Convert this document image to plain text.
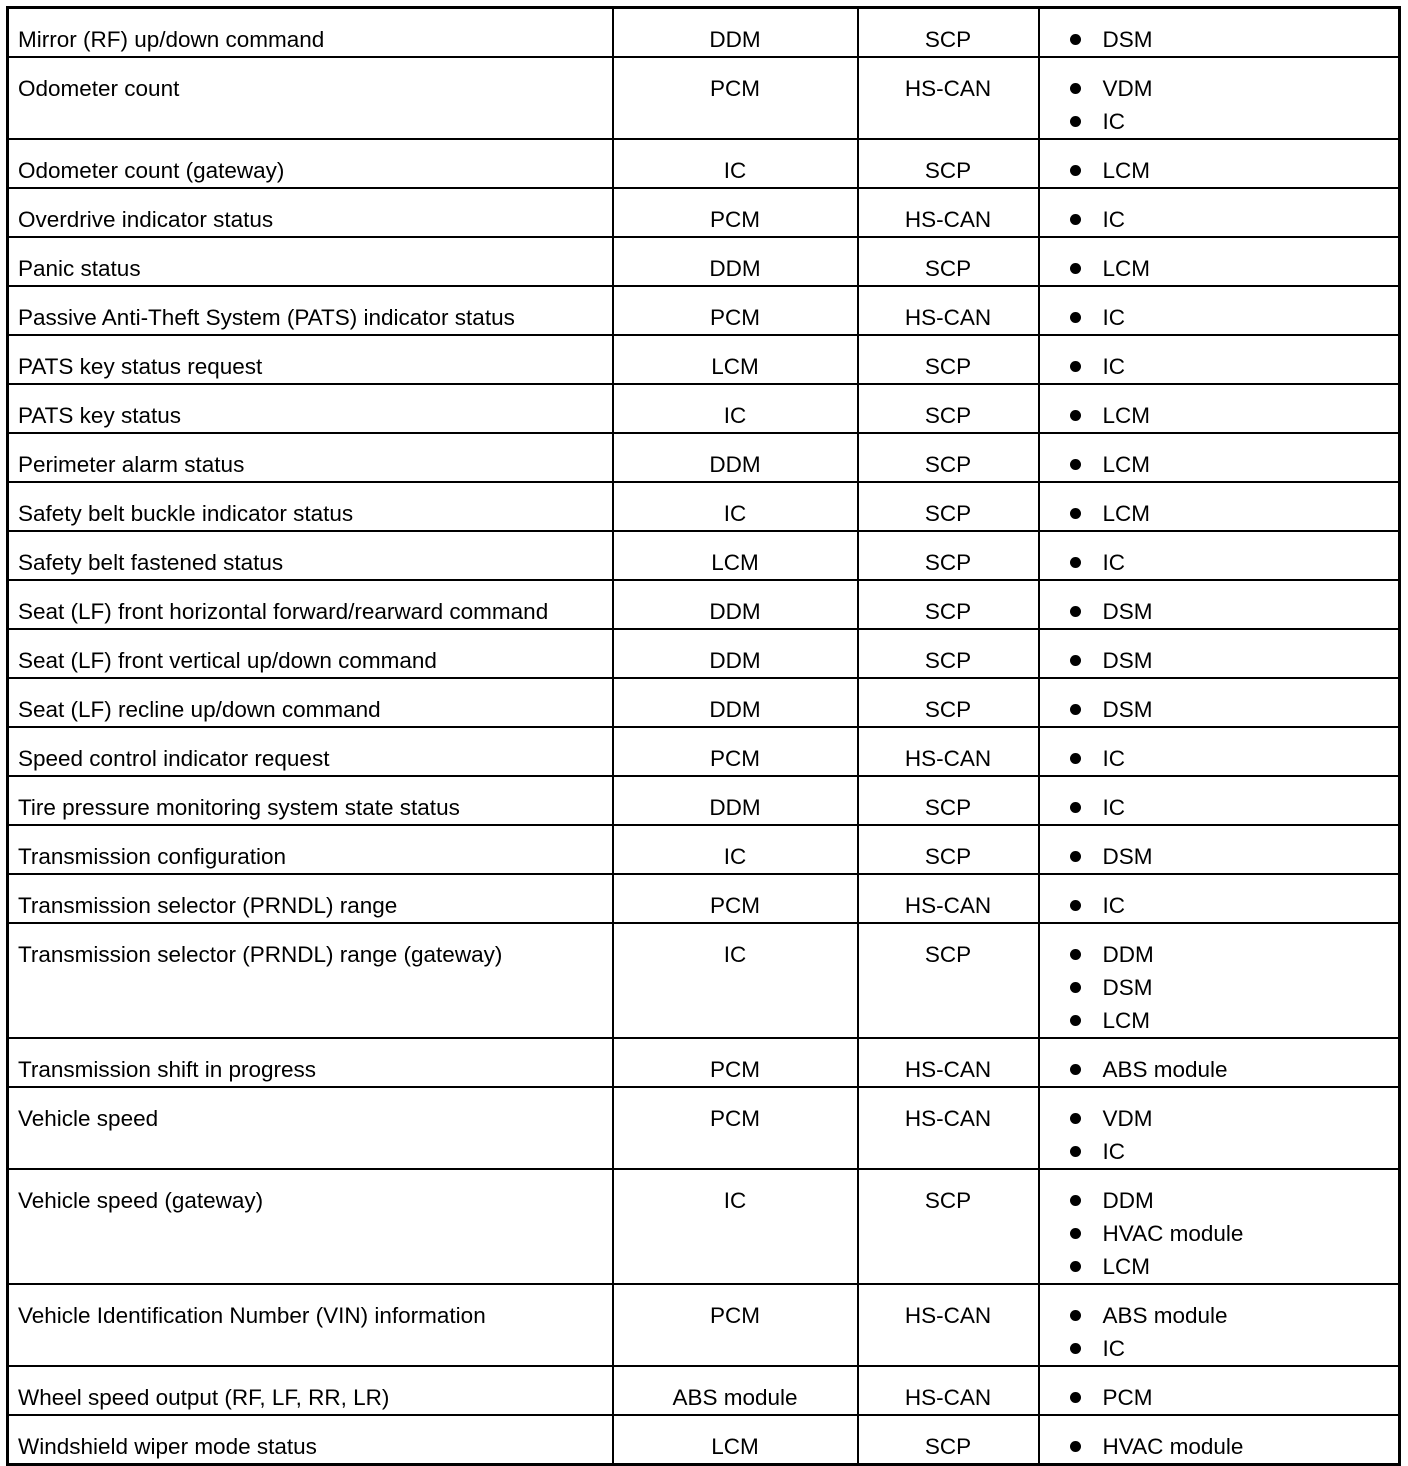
Mirror (RF) up/down command	DDM	SCP	DSM

Odometer count	PCM	HS-CAN	VDM
IC

Odometer count (gateway)	IC	SCP	LCM

Overdrive indicator status	PCM	HS-CAN	IC

Panic status	DDM	SCP	LCM

Passive Anti-Theft System (PATS) indicator status	PCM	HS-CAN	IC

PATS key status request	LCM	SCP	IC

PATS key status	IC	SCP	LCM

Perimeter alarm status	DDM	SCP	LCM

Safety belt buckle indicator status	IC	SCP	LCM

Safety belt fastened status	LCM	SCP	IC

Seat (LF) front horizontal forward/rearward command	DDM	SCP	DSM

Seat (LF) front vertical up/down command	DDM	SCP	DSM

Seat (LF) recline up/down command	DDM	SCP	DSM

Speed control indicator request	PCM	HS-CAN	IC

Tire pressure monitoring system state status	DDM	SCP	IC

Transmission configuration	IC	SCP	DSM

Transmission selector (PRNDL) range	PCM	HS-CAN	IC

Transmission selector (PRNDL) range (gateway)	IC	SCP	DDM
DSM
LCM

Transmission shift in progress	PCM	HS-CAN	ABS module

Vehicle speed	PCM	HS-CAN	VDM
IC

Vehicle speed (gateway)	IC	SCP	DDM
HVAC module
LCM

Vehicle Identification Number (VIN) information	PCM	HS-CAN	ABS module
IC

Wheel speed output (RF, LF, RR, LR)	ABS module	HS-CAN	PCM

Windshield wiper mode status	LCM	SCP	HVAC module
